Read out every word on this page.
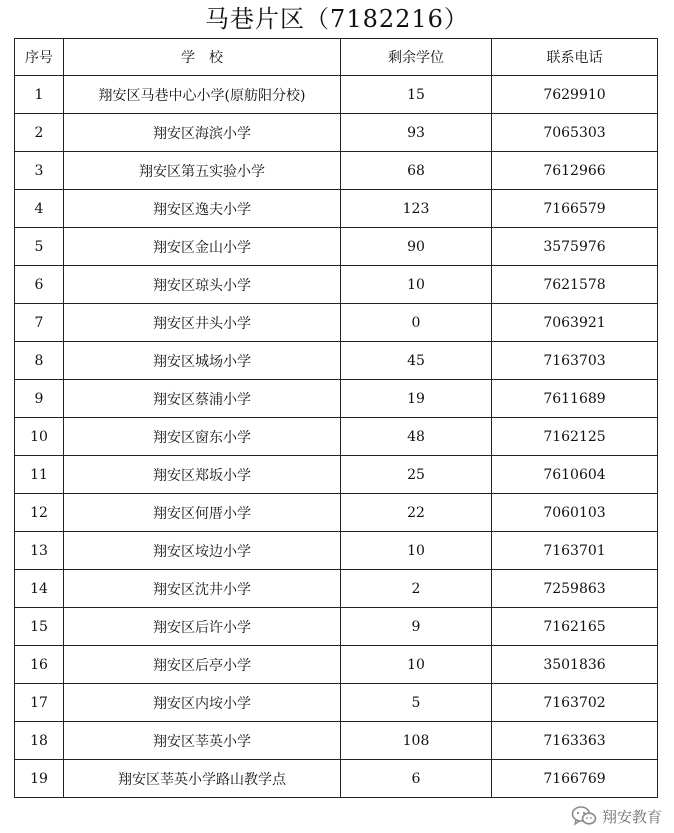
马巷片区（7182216）
序号	学　校	剩余学位	联系电话
1	翔安区马巷中心小学(原舫阳分校)	15	7629910
2	翔安区海滨小学	93	7065303
3	翔安区第五实验小学	68	7612966
4	翔安区逸夫小学	123	7166579
5	翔安区金山小学	90	3575976
6	翔安区琼头小学	10	7621578
7	翔安区井头小学	0	7063921
8	翔安区城场小学	45	7163703
9	翔安区蔡浦小学	19	7611689
10	翔安区窗东小学	48	7162125
11	翔安区郑坂小学	25	7610604
12	翔安区何厝小学	22	7060103
13	翔安区垵边小学	10	7163701
14	翔安区沈井小学	2	7259863
15	翔安区后许小学	9	7162165
16	翔安区后亭小学	10	3501836
17	翔安区内垵小学	5	7163702
18	翔安区莘英小学	108	7163363
19	翔安区莘英小学路山教学点	6	7166769
翔安教育
